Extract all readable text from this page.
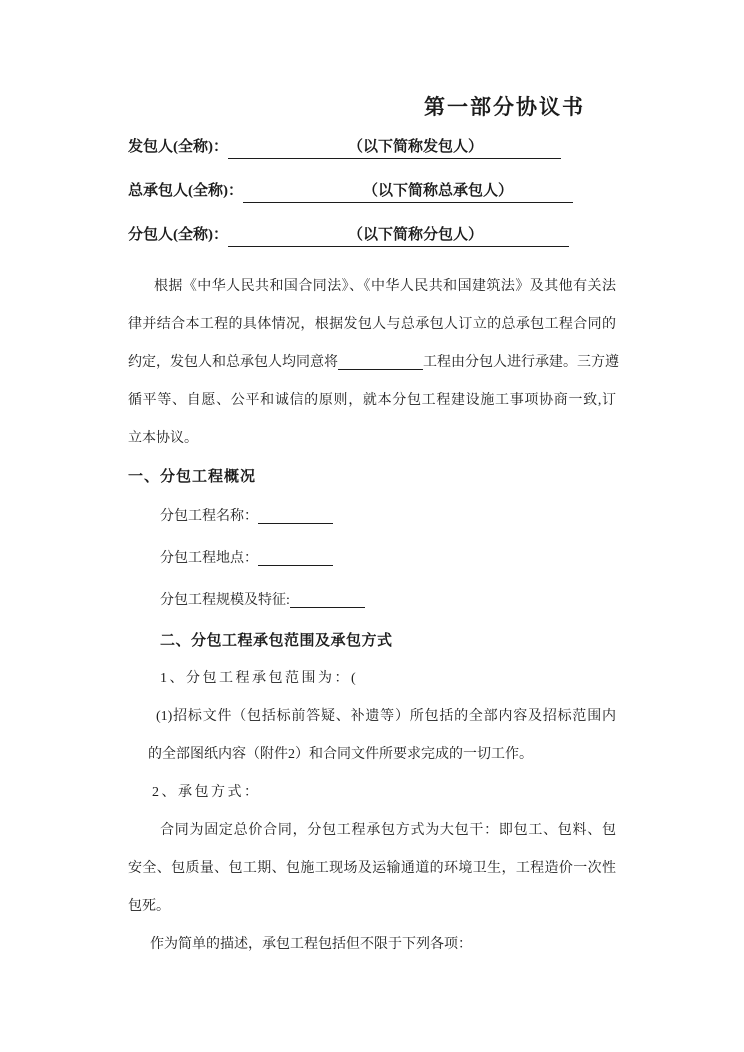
第一部分协议书
发包人(全称)：	（以下简称发包人）
总承包人(全称)：	（以下简称总承包人）
分包人(全称)：	（以下简称分包人）
根据《中华人民共和国合同法》、《中华人民共和国建筑法》及其他有关法
律并结合本工程的具体情况，根据发包人与总承包人订立的总承包工程合同的
约定，发包人和总承包人均同意将	工程由分包人进行承建。三方遵
循平等、自愿、公平和诚信的原则，就本分包工程建设施工事项协商一致,订
立本协议。
一、分包工程概况
分包工程名称：
分包工程地点：
分包工程规模及特征:
二、分包工程承包范围及承包方式
1、分包工程承包范围为：(
(1)招标文件（包括标前答疑、补遗等）所包括的全部内容及招标范围内
的全部图纸内容（附件2）和合同文件所要求完成的一切工作。
2、承包方式：
合同为固定总价合同，分包工程承包方式为大包干：即包工、包料、包
安全、包质量、包工期、包施工现场及运输通道的环境卫生，工程造价一次性
包死。
作为简单的描述，承包工程包括但不限于下列各项：
